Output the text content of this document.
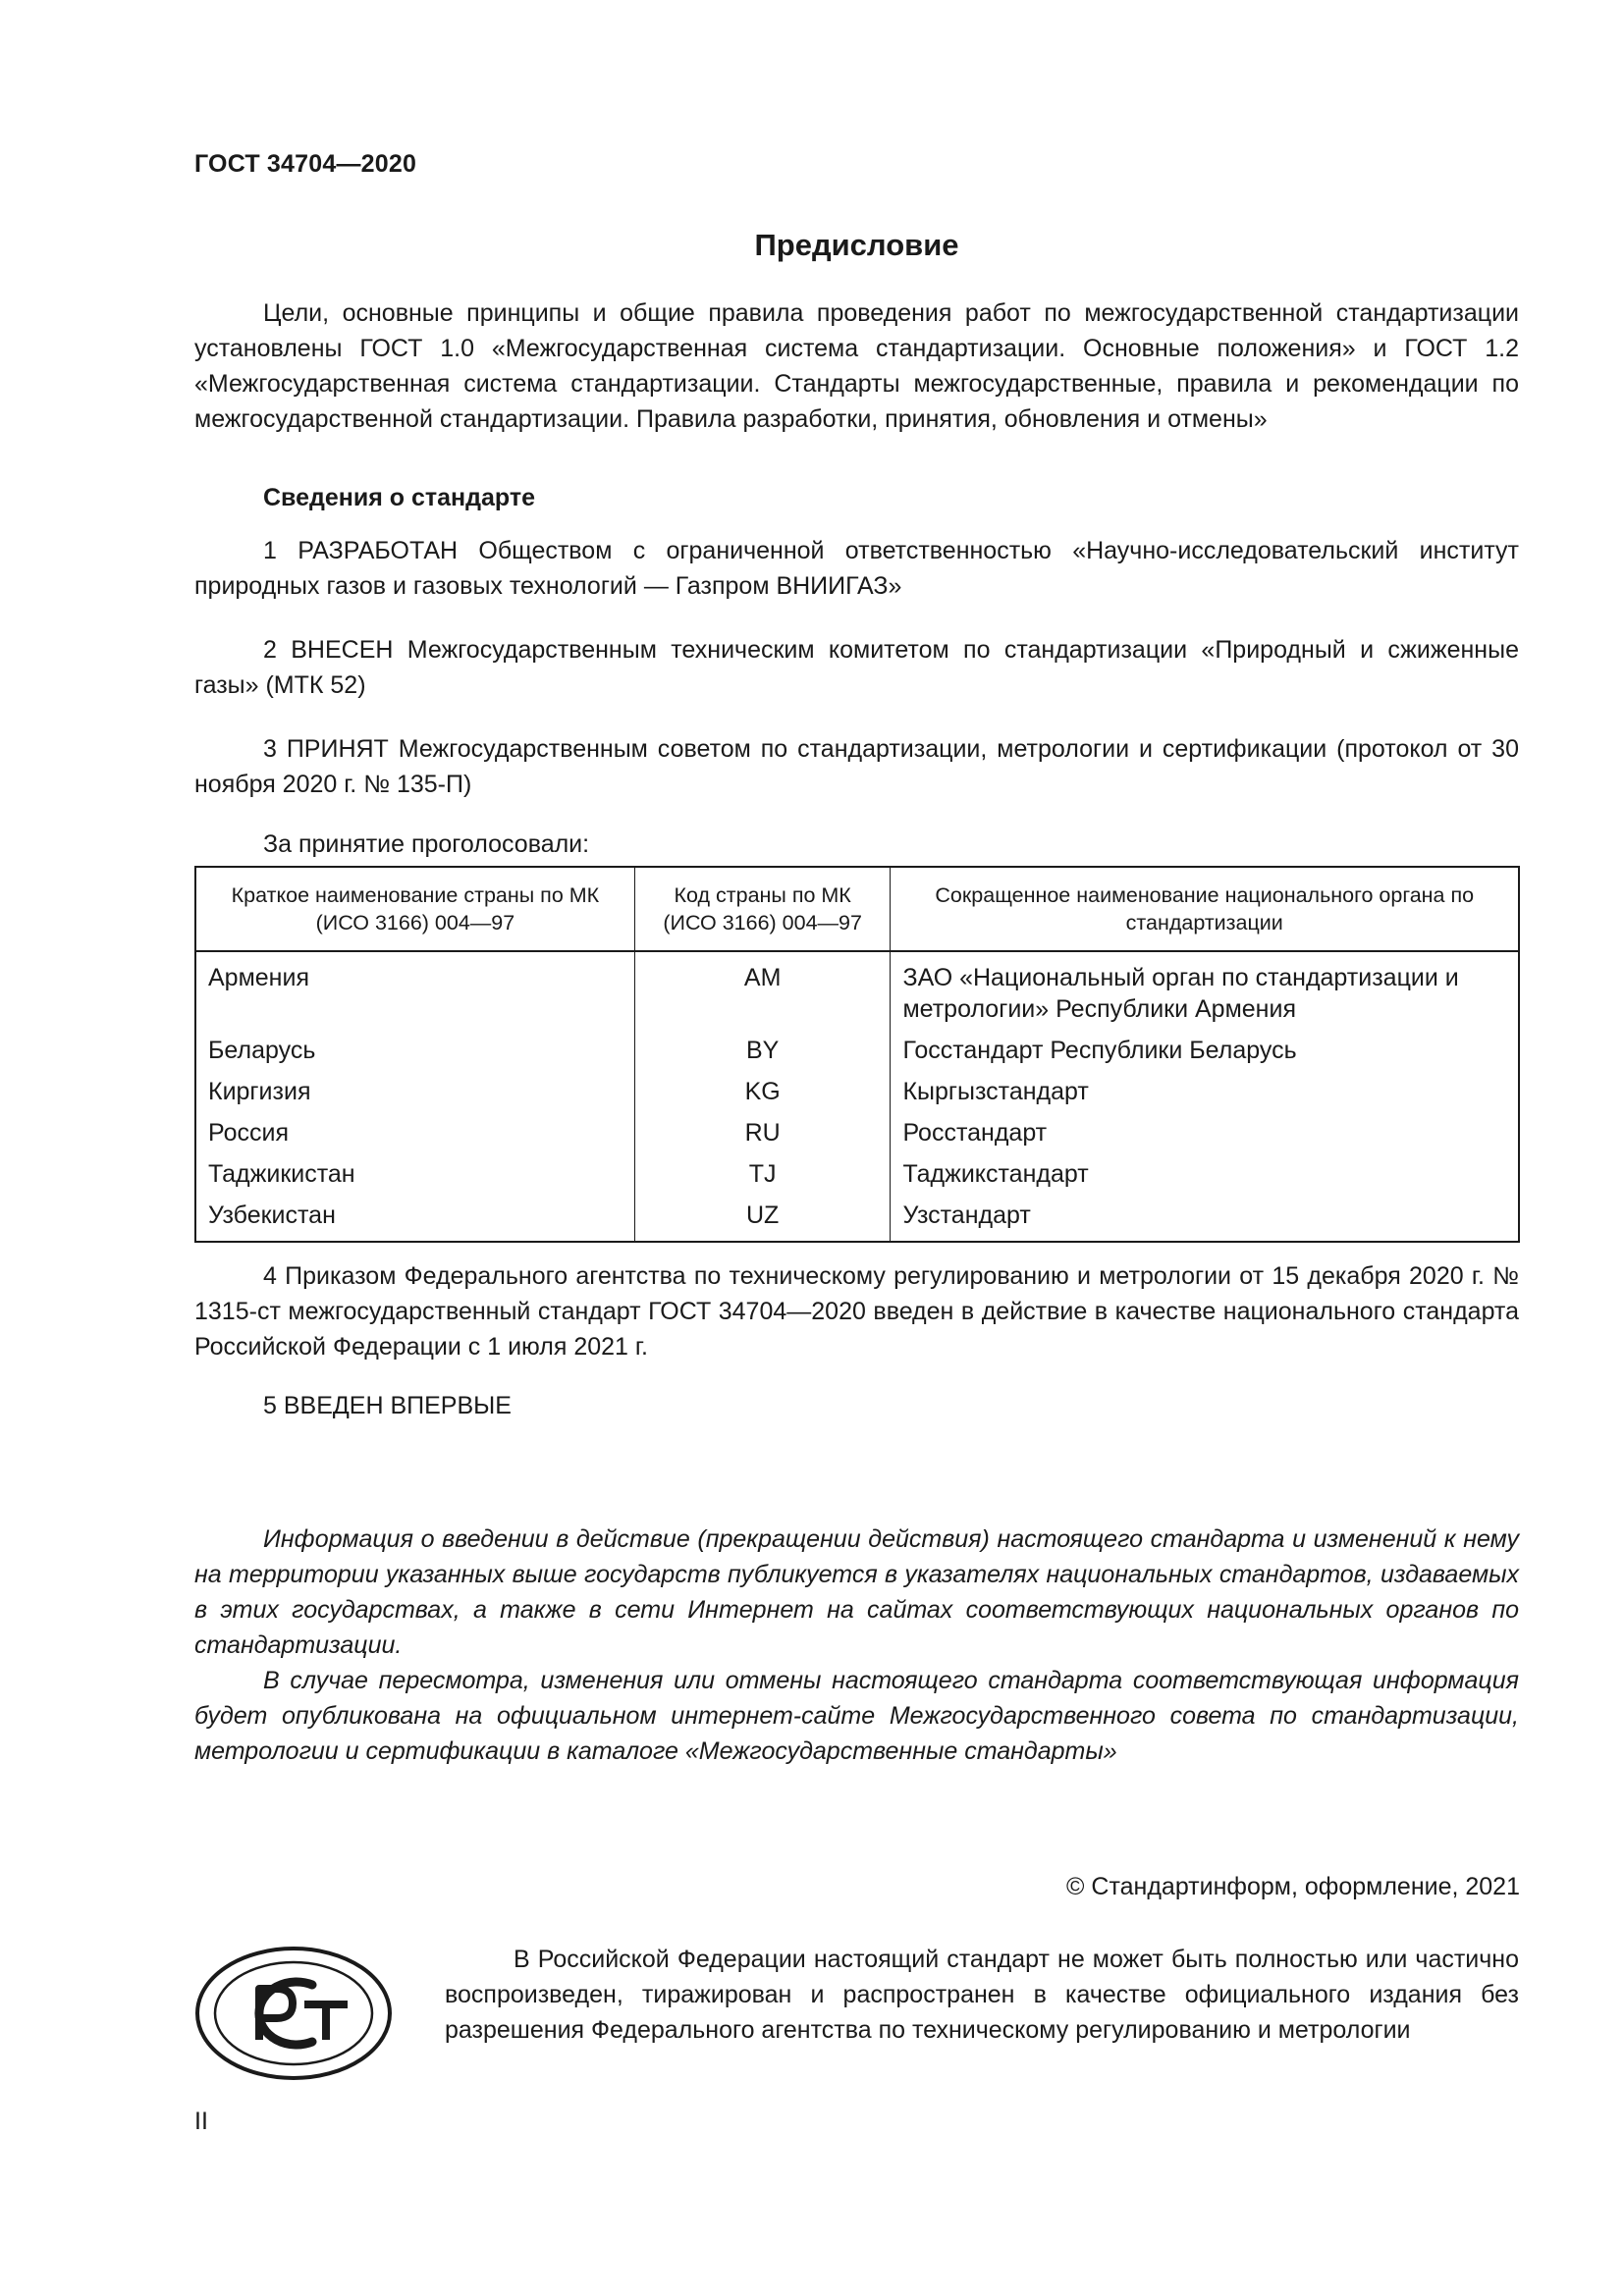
ГОСТ 34704—2020
Предисловие

Цели, основные принципы и общие правила проведения работ по межгосударственной стандартизации установлены ГОСТ 1.0 «Межгосударственная система стандартизации. Основные положения» и ГОСТ 1.2 «Межгосударственная система стандартизации. Стандарты межгосударственные, правила и рекомендации по межгосударственной стандартизации. Правила разработки, принятия, обновления и отмены»

Сведения о стандарте

1 РАЗРАБОТАН Обществом с ограниченной ответственностью «Научно-исследовательский институт природных газов и газовых технологий — Газпром ВНИИГАЗ»

2 ВНЕСЕН Межгосударственным техническим комитетом по стандартизации «Природный и сжиженные газы» (МТК 52)

3 ПРИНЯТ Межгосударственным советом по стандартизации, метрологии и сертификации (протокол от 30 ноября 2020 г. № 135-П)

За принятие проголосовали:
Краткое наименование страны по МК (ИСО 3166) 004—97	Код страны по МК (ИСО 3166) 004—97	Сокращенное наименование национального органа по стандартизации
Армения	AM	ЗАО «Национальный орган по стандартизации и метрологии» Республики Армения
Беларусь	BY	Госстандарт Республики Беларусь
Киргизия	KG	Кыргызстандарт
Россия	RU	Росстандарт
Таджикистан	TJ	Таджикстандарт
Узбекистан	UZ	Узстандарт

4 Приказом Федерального агентства по техническому регулированию и метрологии от 15 декабря 2020 г. № 1315-ст межгосударственный стандарт ГОСТ 34704—2020 введен в действие в качестве национального стандарта Российской Федерации с 1 июля 2021 г.

5 ВВЕДЕН ВПЕРВЫЕ

Информация о введении в действие (прекращении действия) настоящего стандарта и изменений к нему на территории указанных выше государств публикуется в указателях национальных стандартов, издаваемых в этих государствах, а также в сети Интернет на сайтах соответствующих национальных органов по стандартизации.

В случае пересмотра, изменения или отмены настоящего стандарта соответствующая информация будет опубликована на официальном интернет-сайте Межгосударственного совета по стандартизации, метрологии и сертификации в каталоге «Межгосударственные стандарты»

© Стандартинформ, оформление, 2021

В Российской Федерации настоящий стандарт не может быть полностью или частично воспроизведен, тиражирован и распространен в качестве официального издания без разрешения Федерального агентства по техническому регулированию и метрологии

II
